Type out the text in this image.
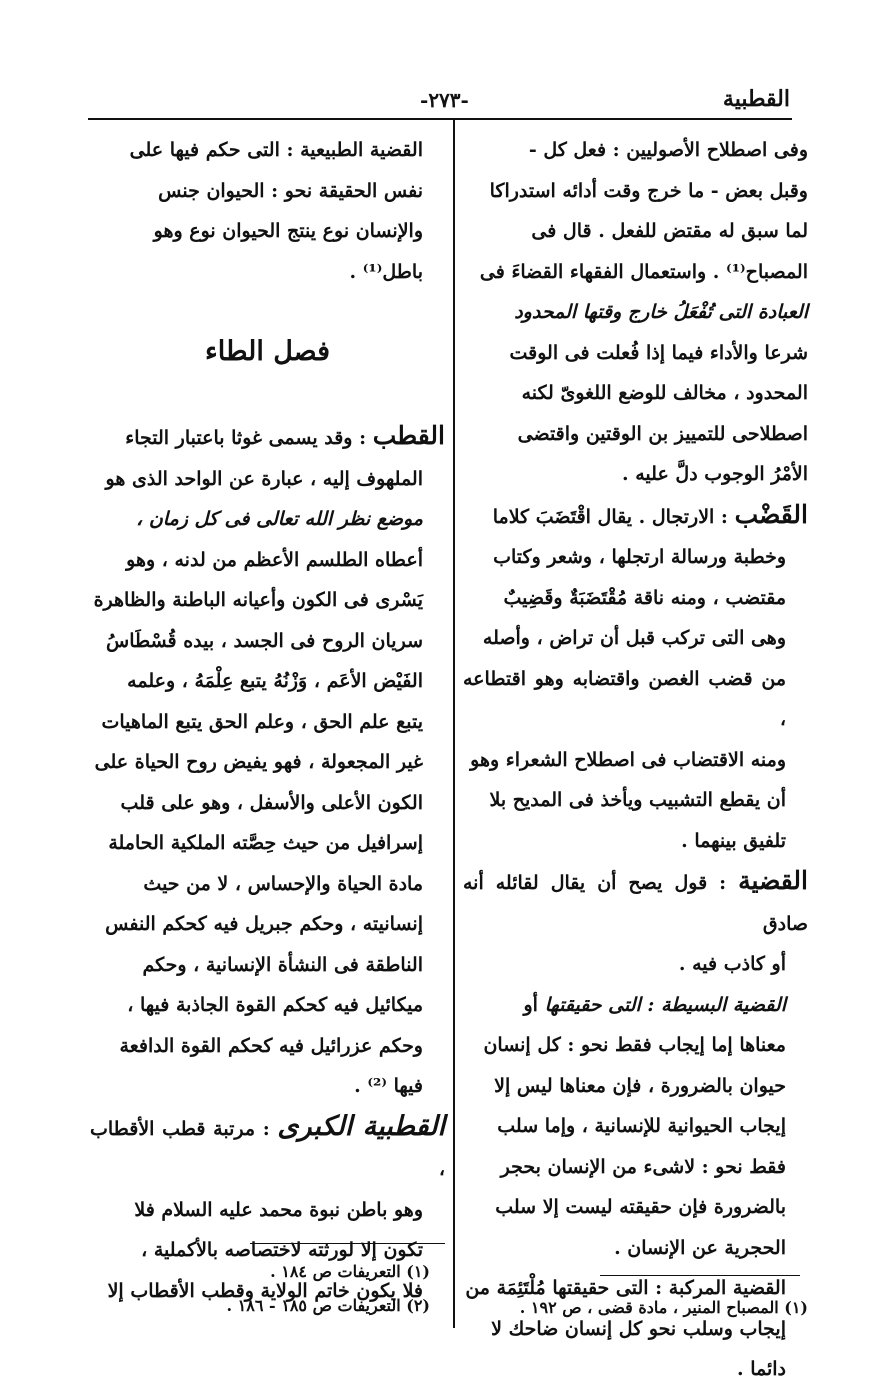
القطبية
-٢٧٣-

وفى اصطلاح الأصوليين : فعل كل -

وقبل بعض - ما خرج وقت أدائه استدراكا

لما سبق له مقتض للفعل . قال فى

المصباح⁽¹⁾ . واستعمال الفقهاء القضاءَ فى

العبادة التى تُفْعَلُ خارج وقتها المحدود

شرعا والأداء فيما إذا فُعلت فى الوقت

المحدود ، مخالف للوضع اللغوىّ لكنه

اصطلاحى للتمييز بن الوقتين واقتضى

الأمْرُ الوجوب دلَّ عليه .

القَضْب : الارتجال . يقال اقْتَضَبَ كلاما

وخطبة ورسالة ارتجلها ، وشعر وكتاب

مقتضب ، ومنه ناقة مُقْتَضَبَةٌ وقَضِيبٌ

وهى التى تركب قبل أن تراض ، وأصله

من قضب الغصن واقتضابه وهو اقتطاعه ،

ومنه الاقتضاب فى اصطلاح الشعراء وهو

أن يقطع التشبيب ويأخذ فى المديح بلا

تلفيق بينهما .

القضية : قول يصح أن يقال لقائله أنه صادق

أو كاذب فيه .

القضية البسيطة : التى حقيقتها أو

معناها إما إيجاب فقط نحو : كل إنسان

حيوان بالضرورة ، فإن معناها ليس إلا

إيجاب الحيوانية للإنسانية ، وإما سلب

فقط نحو : لاشىء من الإنسان بحجر

بالضرورة فإن حقيقته ليست إلا سلب

الحجرية عن الإنسان .

القضية المركبة : التى حقيقتها مُلْتَئِمَة من

إيجاب وسلب نحو كل إنسان ضاحك لا

دائما .

(١) المصباح المنير ، مادة قضى ، ص ١٩٢ .

القضية الطبيعية : التى حكم فيها على

نفس الحقيقة نحو : الحيوان جنس

والإنسان نوع ينتج الحيوان نوع وهو

باطل⁽¹⁾ .

فصل الطاء

القطب : وقد يسمى غوثا باعتبار التجاء

الملهوف إليه ، عبارة عن الواحد الذى هو

موضع نظر الله تعالى فى كل زمان ،

أعطاه الطلسم الأعظم من لدنه ، وهو

يَسْرى فى الكون وأعيانه الباطنة والظاهرة

سريان الروح فى الجسد ، بيده قُسْطَاسُ

الفَيْض الأعَم ، وَزْنُهُ يتبع عِلْمَهُ ، وعلمه

يتبع علم الحق ، وعلم الحق يتبع الماهيات

غير المجعولة ، فهو يفيض روح الحياة على

الكون الأعلى والأسفل ، وهو على قلب

إسرافيل من حيث حِصَّته الملكية الحاملة

مادة الحياة والإحساس ، لا من حيث

إنسانيته ، وحكم جبريل فيه كحكم النفس

الناطقة فى النشأة الإنسانية ، وحكم

ميكائيل فيه كحكم القوة الجاذبة فيها ،

وحكم عزرائيل فيه كحكم القوة الدافعة

فيها ⁽²⁾ .

القطبية الكبرى : مرتبة قطب الأقطاب ،

وهو باطن نبوة محمد عليه السلام فلا

تكون إلا لورثته لاختصاصه بالأكملية ،

فلا يكون خاتم الولاية وقطب الأقطاب إلا

(١) التعريفات ص ١٨٤ .
(٢) التعريفات ص ١٨٥ - ١٨٦ .
